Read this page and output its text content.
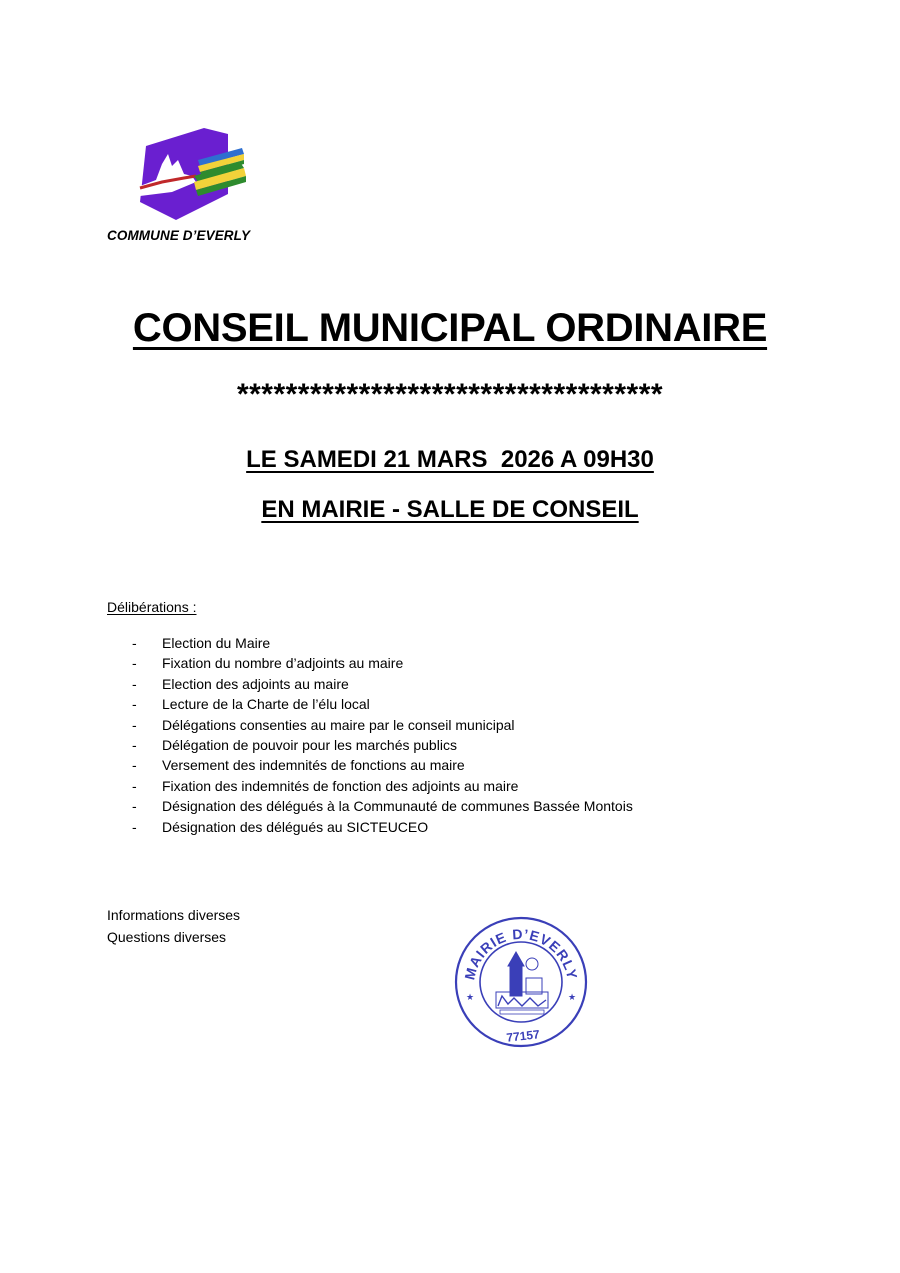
COMMUNE D’EVERLY
CONSEIL MUNICIPAL ORDINAIRE
***********************************
LE SAMEDI 21 MARS  2026 A 09H30
EN MAIRIE - SALLE DE CONSEIL
Délibérations :
- Election du Maire
- Fixation du nombre d’adjoints au maire
- Election des adjoints au maire
- Lecture de la Charte de l’élu local
- Délégations consenties au maire par le conseil municipal
- Délégation de pouvoir pour les marchés publics
- Versement des indemnités de fonctions au maire
- Fixation des indemnités de fonction des adjoints au maire
- Désignation des délégués à la Communauté de communes Bassée Montois
- Désignation des délégués au SICTEUCEO
Informations diverses
Questions diverses
MAIRIE D’EVERLY
77157
★	★
